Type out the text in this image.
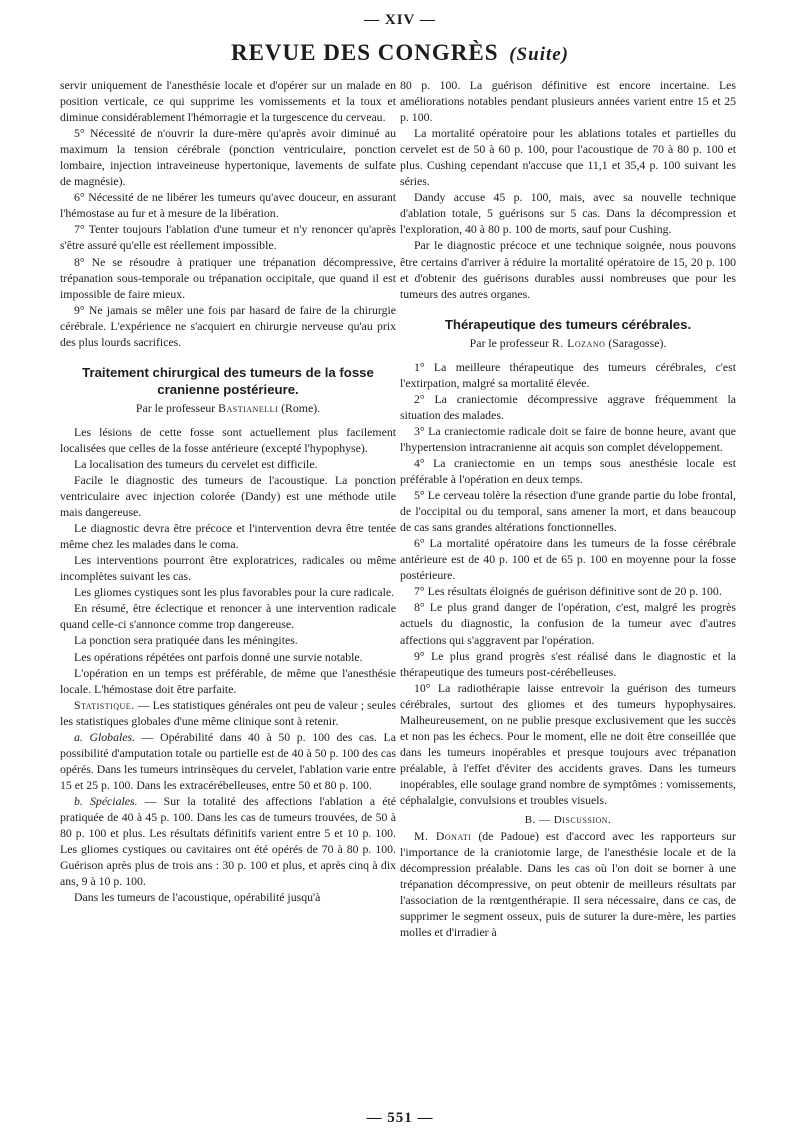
— XIV —
REVUE DES CONGRÈS (Suite)

servir uniquement de l'anesthésie locale et d'opérer sur un malade en position verticale, ce qui supprime les vomissements et la toux et diminue considérablement l'hémorragie et la turgescence du cerveau.

5° Nécessité de n'ouvrir la dure-mère qu'après avoir diminué au maximum la tension cérébrale (ponction ventriculaire, ponction lombaire, injection intraveineuse hypertonique, lavements de sulfate de magnésie).

6° Nécessité de ne libérer les tumeurs qu'avec douceur, en assurant l'hémostase au fur et à mesure de la libération.

7° Tenter toujours l'ablation d'une tumeur et n'y renoncer qu'après s'être assuré qu'elle est réellement impossible.

8° Ne se résoudre à pratiquer une trépanation décompressive, trépanation sous-temporale ou trépanation occipitale, que quand il est impossible de faire mieux.

9° Ne jamais se mêler une fois par hasard de faire de la chirurgie cérébrale. L'expérience ne s'acquiert en chirurgie nerveuse qu'au prix des plus lourds sacrifices.

Traitement chirurgical des tumeurs de la fosse cranienne postérieure.

Par le professeur Bastianelli (Rome).

Les lésions de cette fosse sont actuellement plus facilement localisées que celles de la fosse antérieure (excepté l'hypophyse).

La localisation des tumeurs du cervelet est difficile.

Facile le diagnostic des tumeurs de l'acoustique. La ponction ventriculaire avec injection colorée (Dandy) est une méthode utile mais dangereuse.

Le diagnostic devra être précoce et l'intervention devra être tentée même chez les malades dans le coma.

Les interventions pourront être exploratrices, radicales ou même incomplètes suivant les cas.

Les gliomes cystiques sont les plus favorables pour la cure radicale.

En résumé, être éclectique et renoncer à une intervention radicale quand celle-ci s'annonce comme trop dangereuse.

La ponction sera pratiquée dans les méningites.

Les opérations répétées ont parfois donné une survie notable.

L'opération en un temps est préférable, de même que l'anesthésie locale. L'hémostase doit être parfaite.

Statistique. — Les statistiques générales ont peu de valeur ; seules les statistiques globales d'une même clinique sont à retenir.

a. Globales. — Opérabilité dans 40 à 50 p. 100 des cas. La possibilité d'amputation totale ou partielle est de 40 à 50 p. 100 des cas opérés. Dans les tumeurs intrinsèques du cervelet, l'ablation varie entre 15 et 25 p. 100. Dans les extracérébelleuses, entre 50 et 80 p. 100.

b. Spéciales. — Sur la totalité des affections l'ablation a été pratiquée de 40 à 45 p. 100. Dans les cas de tumeurs trouvées, de 50 à 80 p. 100 et plus. Les résultats définitifs varient entre 5 et 10 p. 100. Les gliomes cystiques ou cavitaires ont été opérés de 70 à 80 p. 100. Guérison après plus de trois ans : 30 p. 100 et plus, et après cinq à dix ans, 9 à 10 p. 100.

Dans les tumeurs de l'acoustique, opérabilité jusqu'à

80 p. 100. La guérison définitive est encore incertaine. Les améliorations notables pendant plusieurs années varient entre 15 et 25 p. 100.

La mortalité opératoire pour les ablations totales et partielles du cervelet est de 50 à 60 p. 100, pour l'acoustique de 70 à 80 p. 100 et plus. Cushing cependant n'accuse que 11,1 et 35,4 p. 100 suivant les séries.

Dandy accuse 45 p. 100, mais, avec sa nouvelle technique d'ablation totale, 5 guérisons sur 5 cas. Dans la décompression et l'exploration, 40 à 80 p. 100 de morts, sauf pour Cushing.

Par le diagnostic précoce et une technique soignée, nous pouvons être certains d'arriver à réduire la mortalité opératoire de 15, 20 p. 100 et d'obtenir des guérisons durables aussi nombreuses que pour les tumeurs des autres organes.

Thérapeutique des tumeurs cérébrales.

Par le professeur R. Lozano (Saragosse).

1° La meilleure thérapeutique des tumeurs cérébrales, c'est l'extirpation, malgré sa mortalité élevée.

2° La craniectomie décompressive aggrave fréquemment la situation des malades.

3° La craniectomie radicale doit se faire de bonne heure, avant que l'hypertension intracranienne ait acquis son complet développement.

4° La craniectomie en un temps sous anesthésie locale est préférable à l'opération en deux temps.

5° Le cerveau tolère la résection d'une grande partie du lobe frontal, de l'occipital ou du temporal, sans amener la mort, et dans beaucoup de cas sans grandes altérations fonctionnelles.

6° La mortalité opératoire dans les tumeurs de la fosse cérébrale antérieure est de 40 p. 100 et de 65 p. 100 en moyenne pour la fosse postérieure.

7° Les résultats éloignés de guérison définitive sont de 20 p. 100.

8° Le plus grand danger de l'opération, c'est, malgré les progrès actuels du diagnostic, la confusion de la tumeur avec d'autres affections qui s'aggravent par l'opération.

9° Le plus grand progrès s'est réalisé dans le diagnostic et la thérapeutique des tumeurs post-cérébelleuses.

10° La radiothérapie laisse entrevoir la guérison des tumeurs cérébrales, surtout des gliomes et des tumeurs hypophysaires. Malheureusement, on ne publie presque exclusivement que les succès et non pas les échecs. Pour le moment, elle ne doit être conseillée que dans les tumeurs inopérables et presque toujours avec trépanation préalable, à l'effet d'éviter des accidents graves. Dans les tumeurs inopérables, elle soulage grand nombre de symptômes : vomissements, céphalalgie, convulsions et troubles visuels.

B. — Discussion.

M. Donati (de Padoue) est d'accord avec les rapporteurs sur l'importance de la craniotomie large, de l'anesthésie locale et de la décompression préalable. Dans les cas où l'on doit se borner à une trépanation décompressive, on peut obtenir de meilleurs résultats par l'association de la rœntgenthérapie. Il sera nécessaire, dans ce cas, de supprimer le segment osseux, puis de suturer la dure-mère, les parties molles et d'irradier à

— 551 —
